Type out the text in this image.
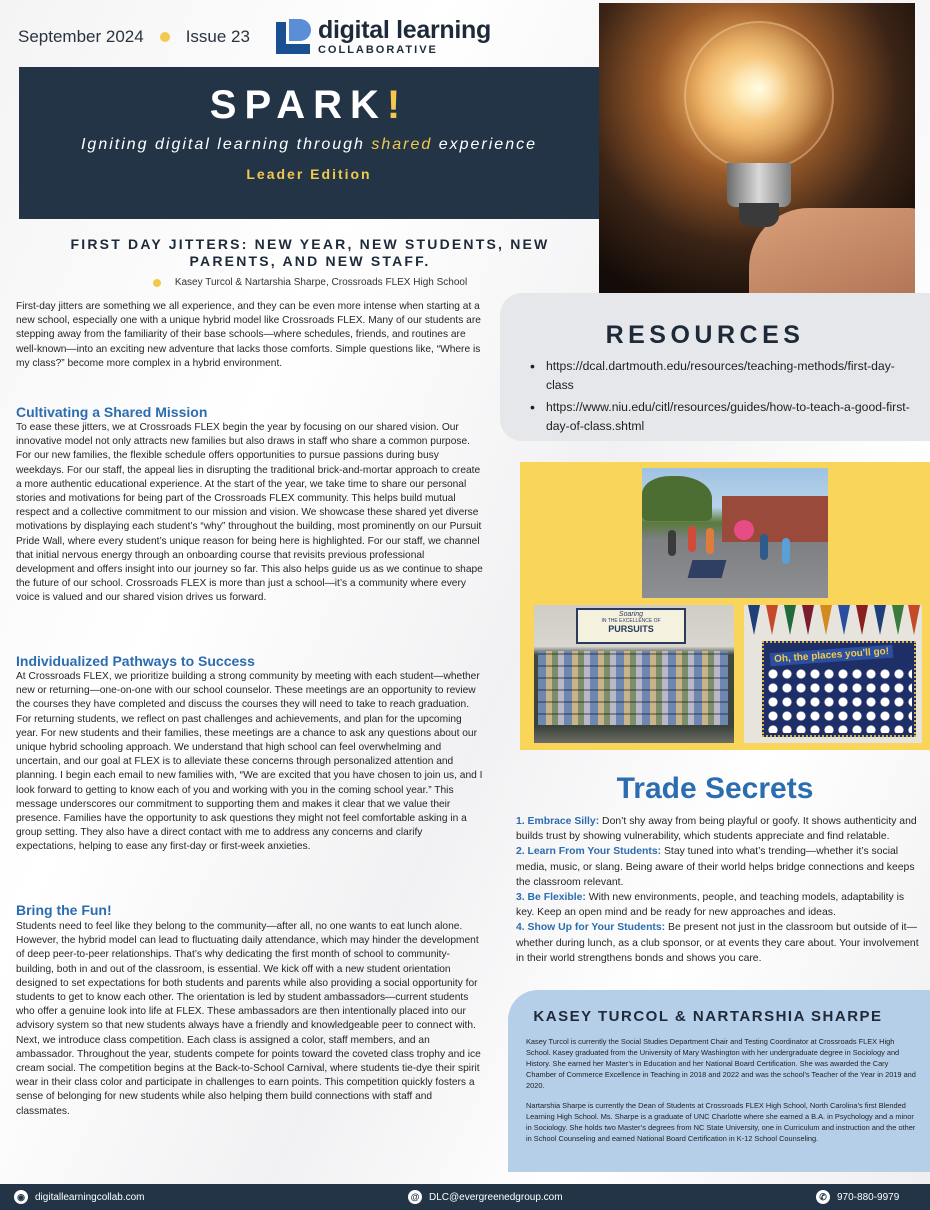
September 2024 Issue 23	digital learning
COLLABORATIVE
SPARK!
Igniting digital learning through shared experience
Leader Edition
FIRST DAY JITTERS: NEW YEAR, NEW STUDENTS, NEW PARENTS, AND NEW STAFF.
Kasey Turcol & Nartarshia Sharpe, Crossroads FLEX High School
First-day jitters are something we all experience, and they can be even more intense when starting at a new school, especially one with a unique hybrid model like Crossroads FLEX. Many of our students are stepping away from the familiarity of their base schools—where schedules, friends, and routines are well-known—into an exciting new adventure that lacks those comforts. Simple questions like, “Where is my class?” become more complex in a hybrid environment.
Cultivating a Shared Mission
To ease these jitters, we at Crossroads FLEX begin the year by focusing on our shared vision. Our innovative model not only attracts new families but also draws in staff who share a common purpose. For our new families, the flexible schedule offers opportunities to pursue passions during busy weekdays. For our staff, the appeal lies in disrupting the traditional brick-and-mortar approach to create a more authentic educational experience. At the start of the year, we take time to share our personal stories and motivations for being part of the Crossroads FLEX community. This helps build mutual respect and a collective commitment to our mission and vision. We showcase these shared yet diverse motivations by displaying each student’s “why” throughout the building, most prominently on our Pursuit Pride Wall, where every student’s unique reason for being here is highlighted. For our staff, we channel that initial nervous energy through an onboarding course that revisits previous professional development and offers insight into our journey so far. This also helps guide us as we continue to shape the future of our school. Crossroads FLEX is more than just a school—it’s a community where every voice is valued and our shared vision drives us forward.
Individualized Pathways to Success
At Crossroads FLEX, we prioritize building a strong community by meeting with each student—whether new or returning—one-on-one with our school counselor. These meetings are an opportunity to review the courses they have completed and discuss the courses they will need to take to reach graduation. For returning students, we reflect on past challenges and achievements, and plan for the upcoming year. For new students and their families, these meetings are a chance to ask any questions about our unique hybrid schooling approach. We understand that high school can feel overwhelming and uncertain, and our goal at FLEX is to alleviate these concerns through personalized attention and planning. I begin each email to new families with, “We are excited that you have chosen to join us, and I look forward to getting to know each of you and working with you in the coming school year.” This message underscores our commitment to supporting them and makes it clear that we value their presence. Families have the opportunity to ask questions they might not feel comfortable asking in a group setting. They also have a direct contact with me to address any concerns and clarify expectations, helping to ease any first-day or first-week anxieties.
Bring the Fun!
Students need to feel like they belong to the community—after all, no one wants to eat lunch alone. However, the hybrid model can lead to fluctuating daily attendance, which may hinder the development of deep peer-to-peer relationships. That’s why dedicating the first month of school to community-building, both in and out of the classroom, is essential. We kick off with a new student orientation designed to set expectations for both students and parents while also providing a social opportunity for students to get to know each other. The orientation is led by student ambassadors—current students who offer a genuine look into life at FLEX. These ambassadors are then intentionally placed into our advisory system so that new students always have a friendly and knowledgeable peer to connect with. Next, we introduce class competition. Each class is assigned a color, staff members, and an ambassador. Throughout the year, students compete for points toward the coveted class trophy and ice cream social. The competition begins at the Back-to-School Carnival, where students tie-dye their spirit wear in their class color and participate in challenges to earn points. This competition quickly fosters a sense of belonging for new students while also helping them build connections with staff and classmates.
RESOURCES
• https://dcal.dartmouth.edu/resources/teaching-methods/first-day-class
• https://www.niu.edu/citl/resources/guides/how-to-teach-a-good-first-day-of-class.shtml
Soaring
IN THE EXCELLENCE OF
PURSUITS
Oh, the places you'll go!
Trade Secrets
1. Embrace Silly: Don’t shy away from being playful or goofy. It shows authenticity and builds trust by showing vulnerability, which students appreciate and find relatable.
2. Learn From Your Students: Stay tuned into what’s trending—whether it’s social media, music, or slang. Being aware of their world helps bridge connections and keeps the classroom relevant.
3. Be Flexible: With new environments, people, and teaching models, adaptability is key. Keep an open mind and be ready for new approaches and ideas.
4. Show Up for Your Students: Be present not just in the classroom but outside of it—whether during lunch, as a club sponsor, or at events they care about. Your involvement in their world strengthens bonds and shows you care.
KASEY TURCOL & NARTARSHIA SHARPE

Kasey Turcol is currently the Social Studies Department Chair and Testing Coordinator at Crossroads FLEX High School. Kasey graduated from the University of Mary Washington with her undergraduate degree in Sociology and History. She earned her Master’s in Education and her National Board Certification. She was awarded the Cary Chamber of Commerce Excellence in Teaching in 2018 and 2022 and was the school’s Teacher of the Year in 2019 and 2020.

Nartarshia Sharpe is currently the Dean of Students at Crossroads FLEX High School, North Carolina’s first Blended Learning High School. Ms. Sharpe is a graduate of UNC Charlotte where she earned a B.A. in Psychology and a minor in Sociology. She holds two Master’s degrees from NC State University, one in Curriculum and instruction and the other in School Counseling and earned National Board Certification in K-12 School Counseling.

◉	digitallearningcollab.com	@ DLC@evergreenedgroup.com	✆	970-880-9979
